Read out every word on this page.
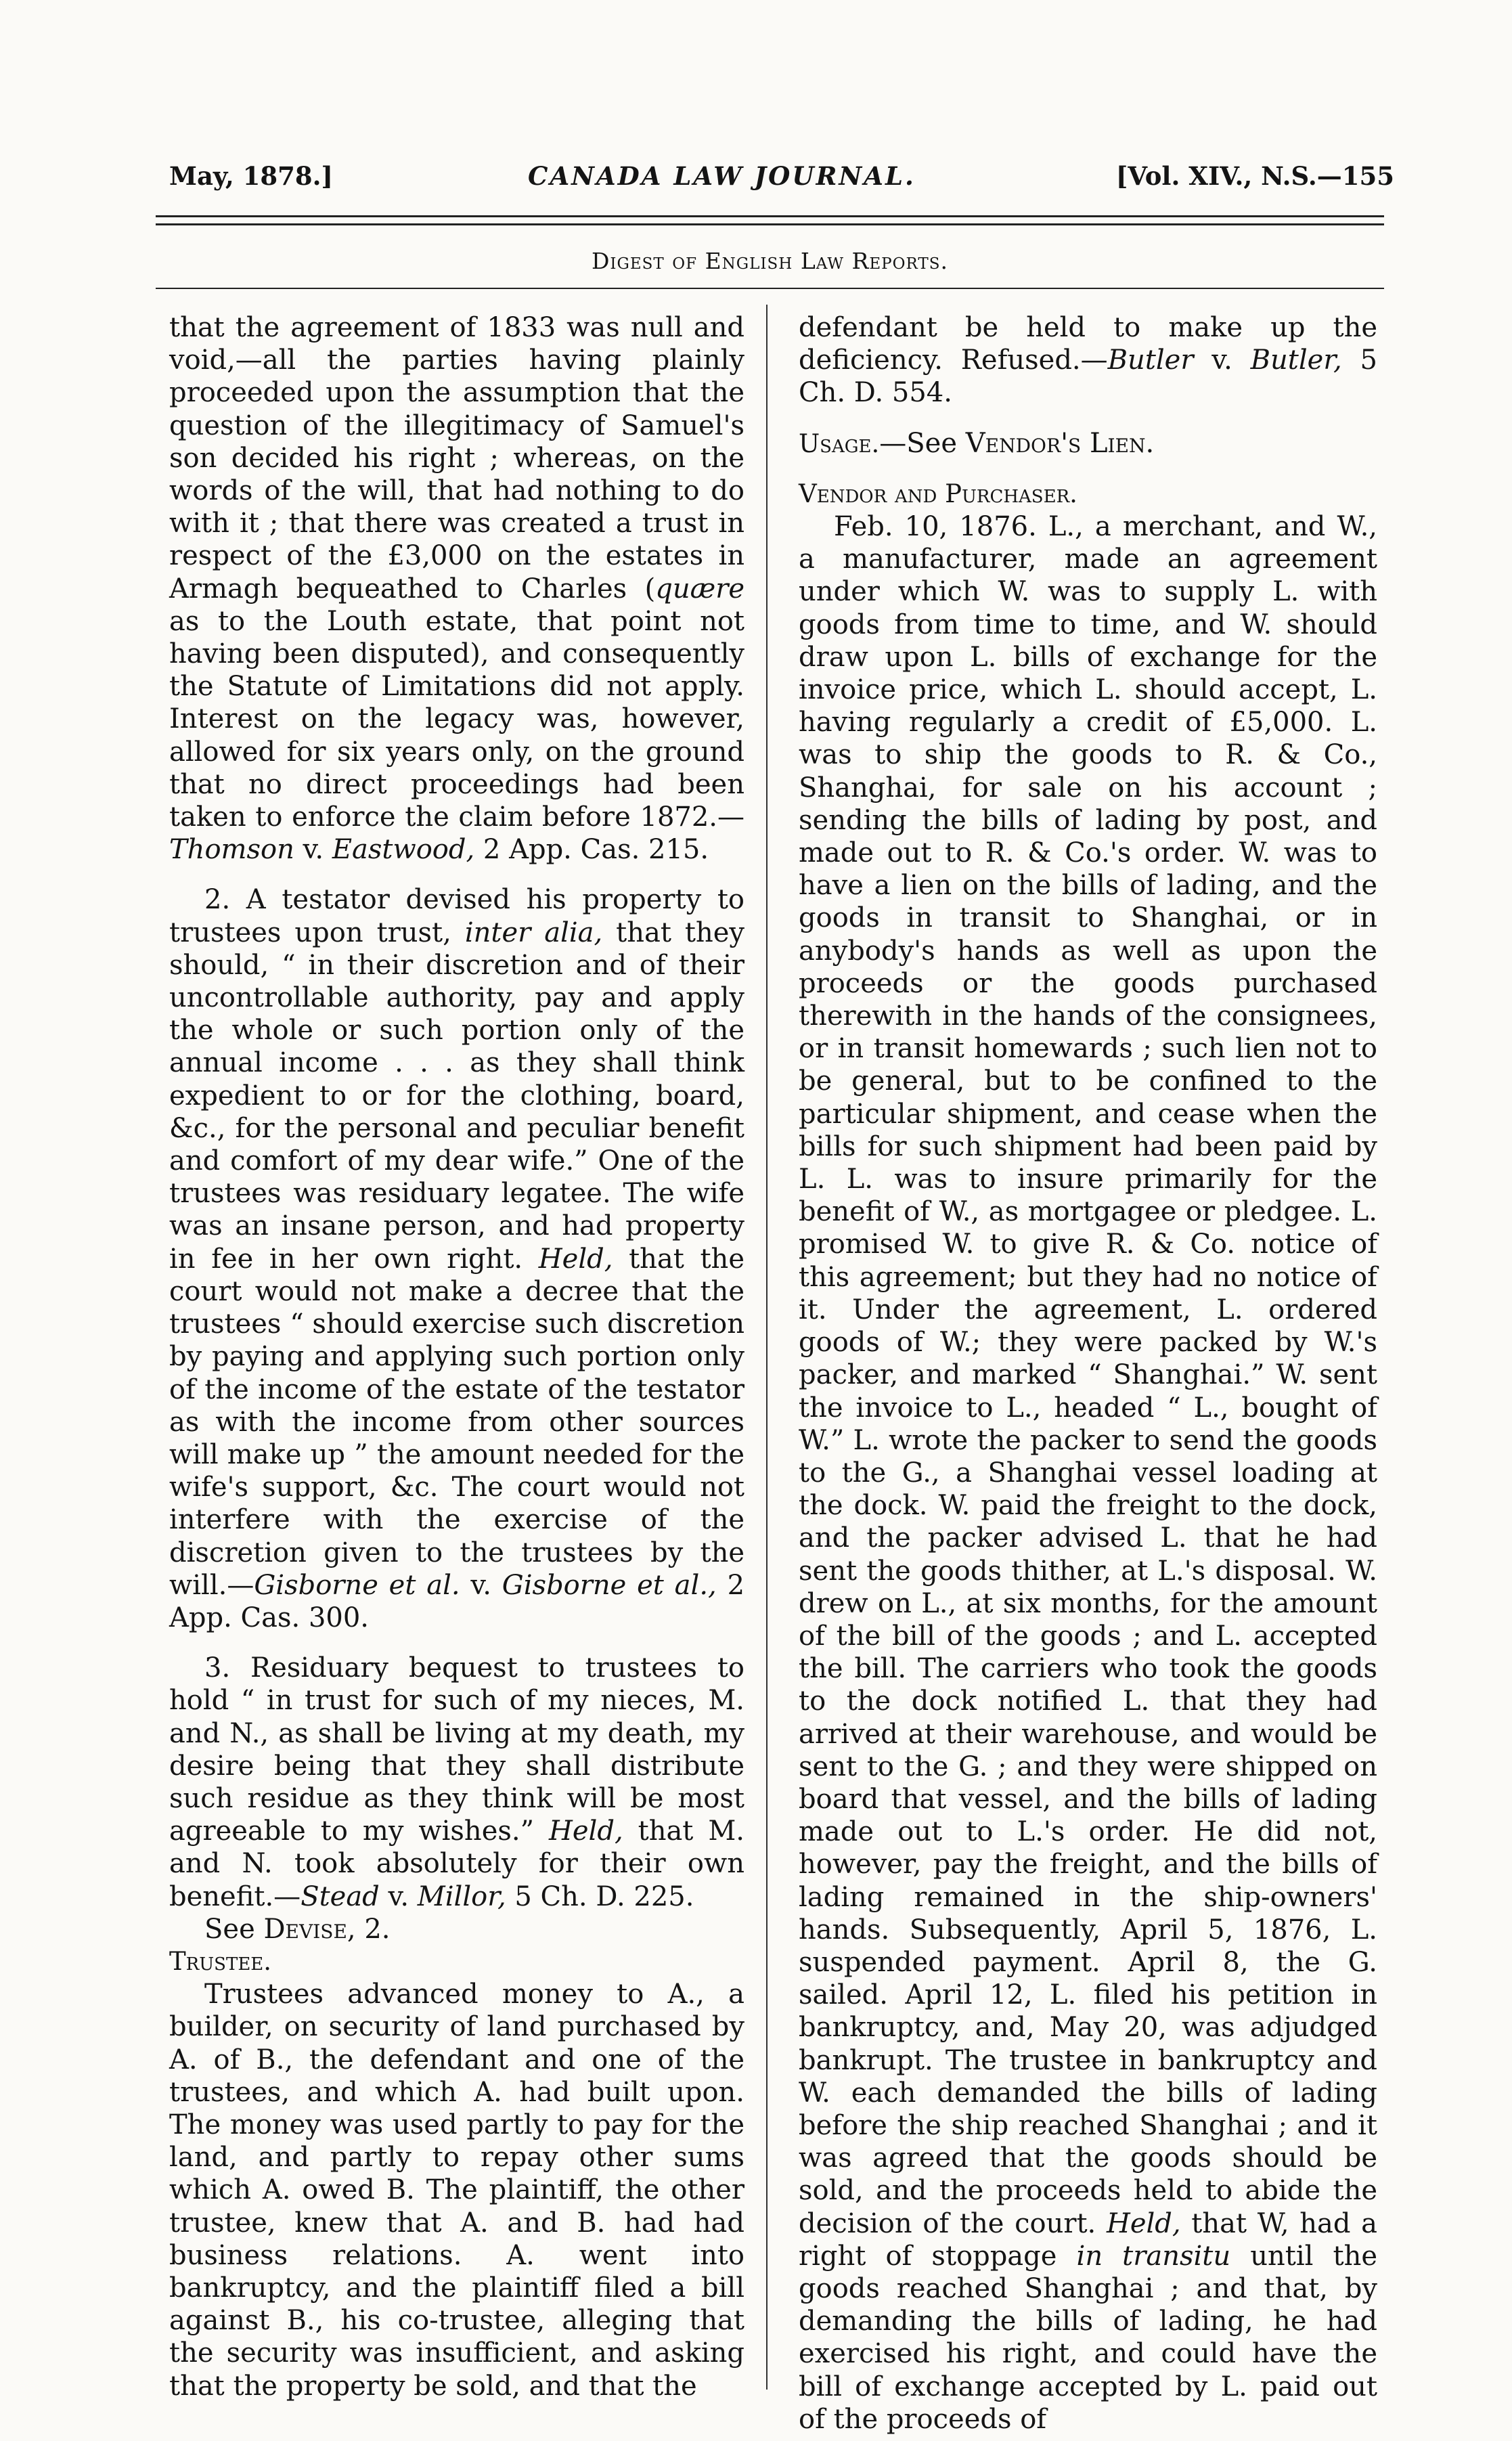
May, 1878.]	CANADA LAW JOURNAL.	[Vol. XIV., N.S.—155
Digest of English Law Reports.

that the agreement of 1833 was null and void,—all the parties having plainly proceeded upon the assumption that the question of the illegitimacy of Samuel's son decided his right ; whereas, on the words of the will, that had nothing to do with it ; that there was created a trust in respect of the £3,000 on the estates in Armagh bequeathed to Charles (quære as to the Louth estate, that point not having been disputed), and consequently the Statute of Limitations did not apply. Interest on the legacy was, however, allowed for six years only, on the ground that no direct proceedings had been taken to enforce the claim before 1872.—Thomson v. Eastwood, 2 App. Cas. 215.

2. A testator devised his property to trustees upon trust, inter alia, that they should, “ in their discretion and of their uncontrollable authority, pay and apply the whole or such portion only of the annual income . . . as they shall think expedient to or for the clothing, board, &c., for the personal and peculiar benefit and comfort of my dear wife.” One of the trustees was residuary legatee. The wife was an insane person, and had property in fee in her own right. Held, that the court would not make a decree that the trustees “ should exercise such discretion by paying and applying such portion only of the income of the estate of the testator as with the income from other sources will make up ” the amount needed for the wife's support, &c. The court would not interfere with the exercise of the discretion given to the trustees by the will.—Gisborne et al. v. Gisborne et al., 2 App. Cas. 300.

3. Residuary bequest to trustees to hold “ in trust for such of my nieces, M. and N., as shall be living at my death, my desire being that they shall distribute such residue as they think will be most agreeable to my wishes.” Held, that M. and N. took absolutely for their own benefit.—Stead v. Millor, 5 Ch. D. 225.

See Devise, 2.

Trustee.

Trustees advanced money to A., a builder, on security of land purchased by A. of B., the defendant and one of the trustees, and which A. had built upon. The money was used partly to pay for the land, and partly to repay other sums which A. owed B. The plaintiff, the other trustee, knew that A. and B. had had business relations. A. went into bankruptcy, and the plaintiff filed a bill against B., his co-trustee, alleging that the security was insufficient, and asking that the property be sold, and that the

defendant be held to make up the deficiency. Refused.—Butler v. Butler, 5 Ch. D. 554.

Usage.—See Vendor's Lien.

Vendor and Purchaser.

Feb. 10, 1876. L., a merchant, and W., a manufacturer, made an agreement under which W. was to supply L. with goods from time to time, and W. should draw upon L. bills of exchange for the invoice price, which L. should accept, L. having regularly a credit of £5,000. L. was to ship the goods to R. & Co., Shanghai, for sale on his account ; sending the bills of lading by post, and made out to R. & Co.'s order. W. was to have a lien on the bills of lading, and the goods in transit to Shanghai, or in anybody's hands as well as upon the proceeds or the goods purchased therewith in the hands of the consignees, or in transit homewards ; such lien not to be general, but to be confined to the particular shipment, and cease when the bills for such shipment had been paid by L. L. was to insure primarily for the benefit of W., as mortgagee or pledgee. L. promised W. to give R. & Co. notice of this agreement; but they had no notice of it. Under the agreement, L. ordered goods of W.; they were packed by W.'s packer, and marked “ Shanghai.” W. sent the invoice to L., headed “ L., bought of W.” L. wrote the packer to send the goods to the G., a Shanghai vessel loading at the dock. W. paid the freight to the dock, and the packer advised L. that he had sent the goods thither, at L.'s disposal. W. drew on L., at six months, for the amount of the bill of the goods ; and L. accepted the bill. The carriers who took the goods to the dock notified L. that they had arrived at their warehouse, and would be sent to the G. ; and they were shipped on board that vessel, and the bills of lading made out to L.'s order. He did not, however, pay the freight, and the bills of lading remained in the ship-owners' hands. Subsequently, April 5, 1876, L. suspended payment. April 8, the G. sailed. April 12, L. filed his petition in bankruptcy, and, May 20, was adjudged bankrupt. The trustee in bankruptcy and W. each demanded the bills of lading before the ship reached Shanghai ; and it was agreed that the goods should be sold, and the proceeds held to abide the decision of the court. Held, that W, had a right of stoppage in transitu until the goods reached Shanghai ; and that, by demanding the bills of lading, he had exercised his right, and could have the bill of exchange accepted by L. paid out of the proceeds of
